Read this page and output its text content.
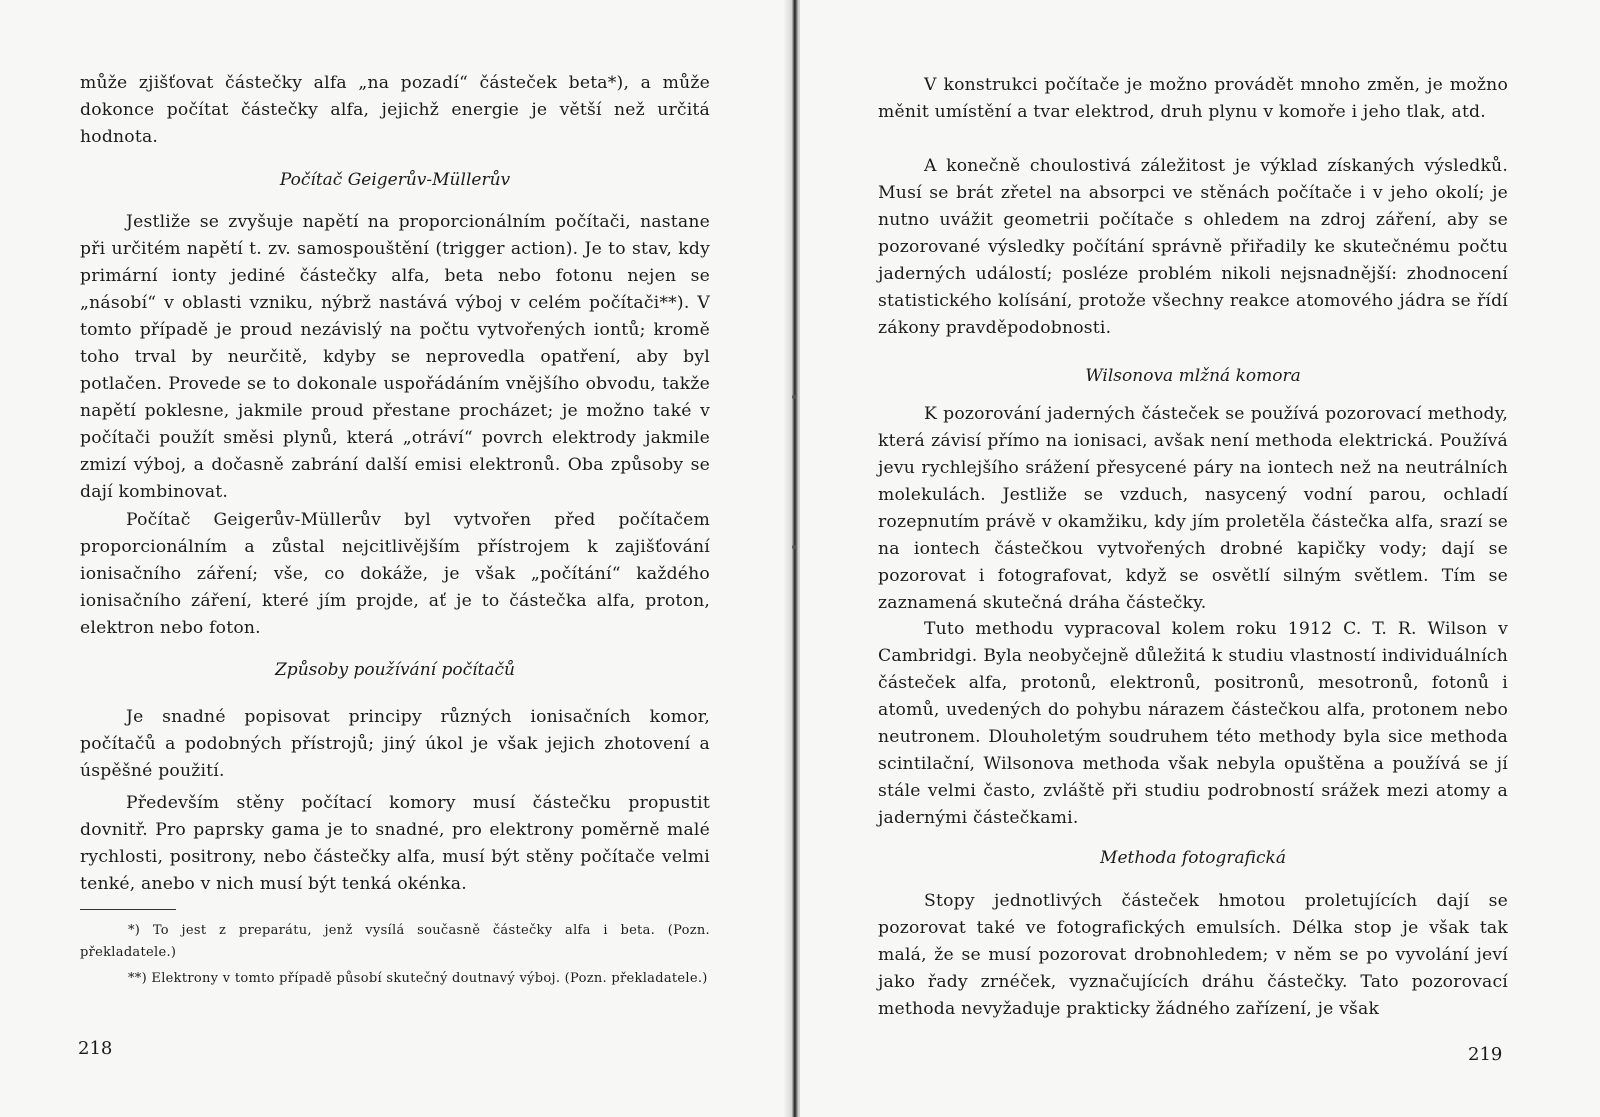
může zjišťovat částečky alfa „na pozadí“ částeček beta*), a může dokonce počítat částečky alfa, jejichž energie je větší než určitá hodnota.

Počítač Geigerův-Müllerův

Jestliže se zvyšuje napětí na proporcionálním počítači, nastane při určitém napětí t. zv. samospouštění (trigger action). Je to stav, kdy primární ionty jediné částečky alfa, beta nebo fotonu nejen se „násobí“ v oblasti vzniku, nýbrž nastává výboj v celém počítači**). V tomto případě je proud nezávislý na počtu vytvořených iontů; kromě toho trval by neurčitě, kdyby se neprovedla opatření, aby byl potlačen. Provede se to dokonale uspořádáním vnějšího obvodu, takže napětí poklesne, jakmile proud přestane procházet; je možno také v počítači použít směsi plynů, která „otráví“ povrch elektrody jakmile zmizí výboj, a dočasně zabrání další emisi elektronů. Oba způsoby se dají kombinovat.

Počítač Geigerův-Müllerův byl vytvořen před počítačem proporcionálním a zůstal nejcitlivějším přístrojem k zajišťování ionisačního záření; vše, co dokáže, je však „počítání“ každého ionisačního záření, které jím projde, ať je to částečka alfa, proton, elektron nebo foton.

Způsoby používání počítačů

Je snadné popisovat principy různých ionisačních komor, počítačů a podobných přístrojů; jiný úkol je však jejich zhotovení a úspěšné použití.

Především stěny počítací komory musí částečku propustit dovnitř. Pro paprsky gama je to snadné, pro elektrony poměrně malé rychlosti, positrony, nebo částečky alfa, musí být stěny počítače velmi tenké, anebo v nich musí být tenká okénka.

*) To jest z preparátu, jenž vysílá současně částečky alfa i beta. (Pozn. překladatele.)

**) Elektrony v tomto případě působí skutečný doutnavý výboj. (Pozn. překladatele.)

218

V konstrukci počítače je možno provádět mnoho změn, je možno měnit umístění a tvar elektrod, druh plynu v komoře i jeho tlak, atd.

A konečně choulostivá záležitost je výklad získaných výsledků. Musí se brát zřetel na absorpci ve stěnách počítače i v jeho okolí; je nutno uvážit geometrii počítače s ohledem na zdroj záření, aby se pozorované výsledky počítání správně přiřadily ke skutečnému počtu jaderných událostí; posléze problém nikoli nejsnadnější: zhodnocení statistického kolísání, protože všechny reakce atomového jádra se řídí zákony pravděpodobnosti.

Wilsonova mlžná komora

K pozorování jaderných částeček se používá pozorovací methody, která závisí přímo na ionisaci, avšak není methoda elektrická. Používá jevu rychlejšího srážení přesycené páry na iontech než na neutrálních molekulách. Jestliže se vzduch, nasycený vodní parou, ochladí rozepnutím právě v okamžiku, kdy jím proletěla částečka alfa, srazí se na iontech částečkou vytvořených drobné kapičky vody; dají se pozorovat i fotografovat, když se osvětlí silným světlem. Tím se zaznamená skutečná dráha částečky.

Tuto methodu vypracoval kolem roku 1912 C. T. R. Wilson v Cambridgi. Byla neobyčejně důležitá k studiu vlastností individuálních částeček alfa, protonů, elektronů, positronů, mesotronů, fotonů i atomů, uvedených do pohybu nárazem částečkou alfa, protonem nebo neutronem. Dlouholetým soudruhem této methody byla sice methoda scintilační, Wilsonova methoda však nebyla opuštěna a používá se jí stále velmi často, zvláště při studiu podrobností srážek mezi atomy a jadernými částečkami.

Methoda fotografická

Stopy jednotlivých částeček hmotou proletujících dají se pozorovat také ve fotografických emulsích. Délka stop je však tak malá, že se musí pozorovat drobnohledem; v něm se po vyvolání jeví jako řady zrnéček, vyznačujících dráhu částečky. Tato pozorovací methoda nevyžaduje prakticky žádného zařízení, je však

219
